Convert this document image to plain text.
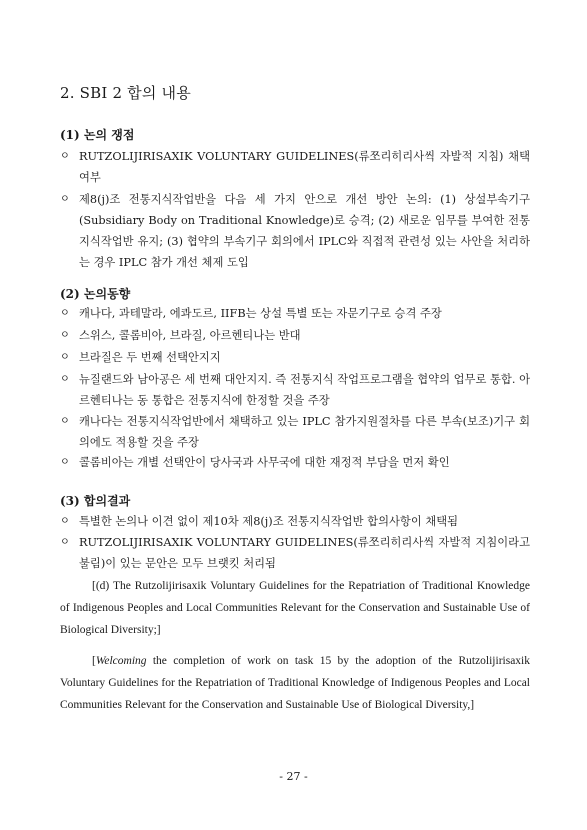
2. SBI 2 합의 내용

(1) 논의 쟁점

ㅇ RUTZOLIJIRISAXIK VOLUNTARY GUIDELINES(류쪼리히리사씩 자발적 지침) 채택 여부
ㅇ 제8(j)조 전통지식작업반을 다음 세 가지 안으로 개선 방안 논의: (1) 상설부속기구(Subsidiary Body on Traditional Knowledge)로 승격; (2) 새로운 임무를 부여한 전통지식작업반 유지; (3) 협약의 부속기구 회의에서 IPLC와 직접적 관련성 있는 사안을 처리하는 경우 IPLC 참가 개선 체제 도입

(2) 논의동향

ㅇ 캐나다, 과테말라, 에콰도르, IIFB는 상설 특별 또는 자문기구로 승격 주장
ㅇ 스위스, 콜롬비아, 브라질, 아르헨티나는 반대
ㅇ 브라질은 두 번째 선택안지지
ㅇ 뉴질랜드와 남아공은 세 번째 대안지지. 즉 전통지식 작업프로그램을 협약의 업무로 통합. 아르헨티나는 동 통합은 전통지식에 한정할 것을 주장
ㅇ 캐나다는 전통지식작업반에서 채택하고 있는 IPLC 참가지원절차를 다른 부속(보조)기구 회의에도 적용할 것을 주장
ㅇ 콜롬비아는 개별 선택안이 당사국과 사무국에 대한 재정적 부담을 먼저 확인

(3) 합의결과

ㅇ 특별한 논의나 이견 없이 제10차 제8(j)조 전통지식작업반 합의사항이 채택됨
ㅇ RUTZOLIJIRISAXIK VOLUNTARY GUIDELINES(류쪼리히리사씩 자발적 지침이라고 불림)이 있는 문안은 모두 브랫킷 처리됨
[(d) The Rutzolijirisaxik Voluntary Guidelines for the Repatriation of Traditional Knowledge of Indigenous Peoples and Local Communities Relevant for the Conservation and Sustainable Use of Biological Diversity;]
[Welcoming the completion of work on task 15 by the adoption of the Rutzolijirisaxik Voluntary Guidelines for the Repatriation of Traditional Knowledge of Indigenous Peoples and Local Communities Relevant for the Conservation and Sustainable Use of Biological Diversity,]
- 27 -
